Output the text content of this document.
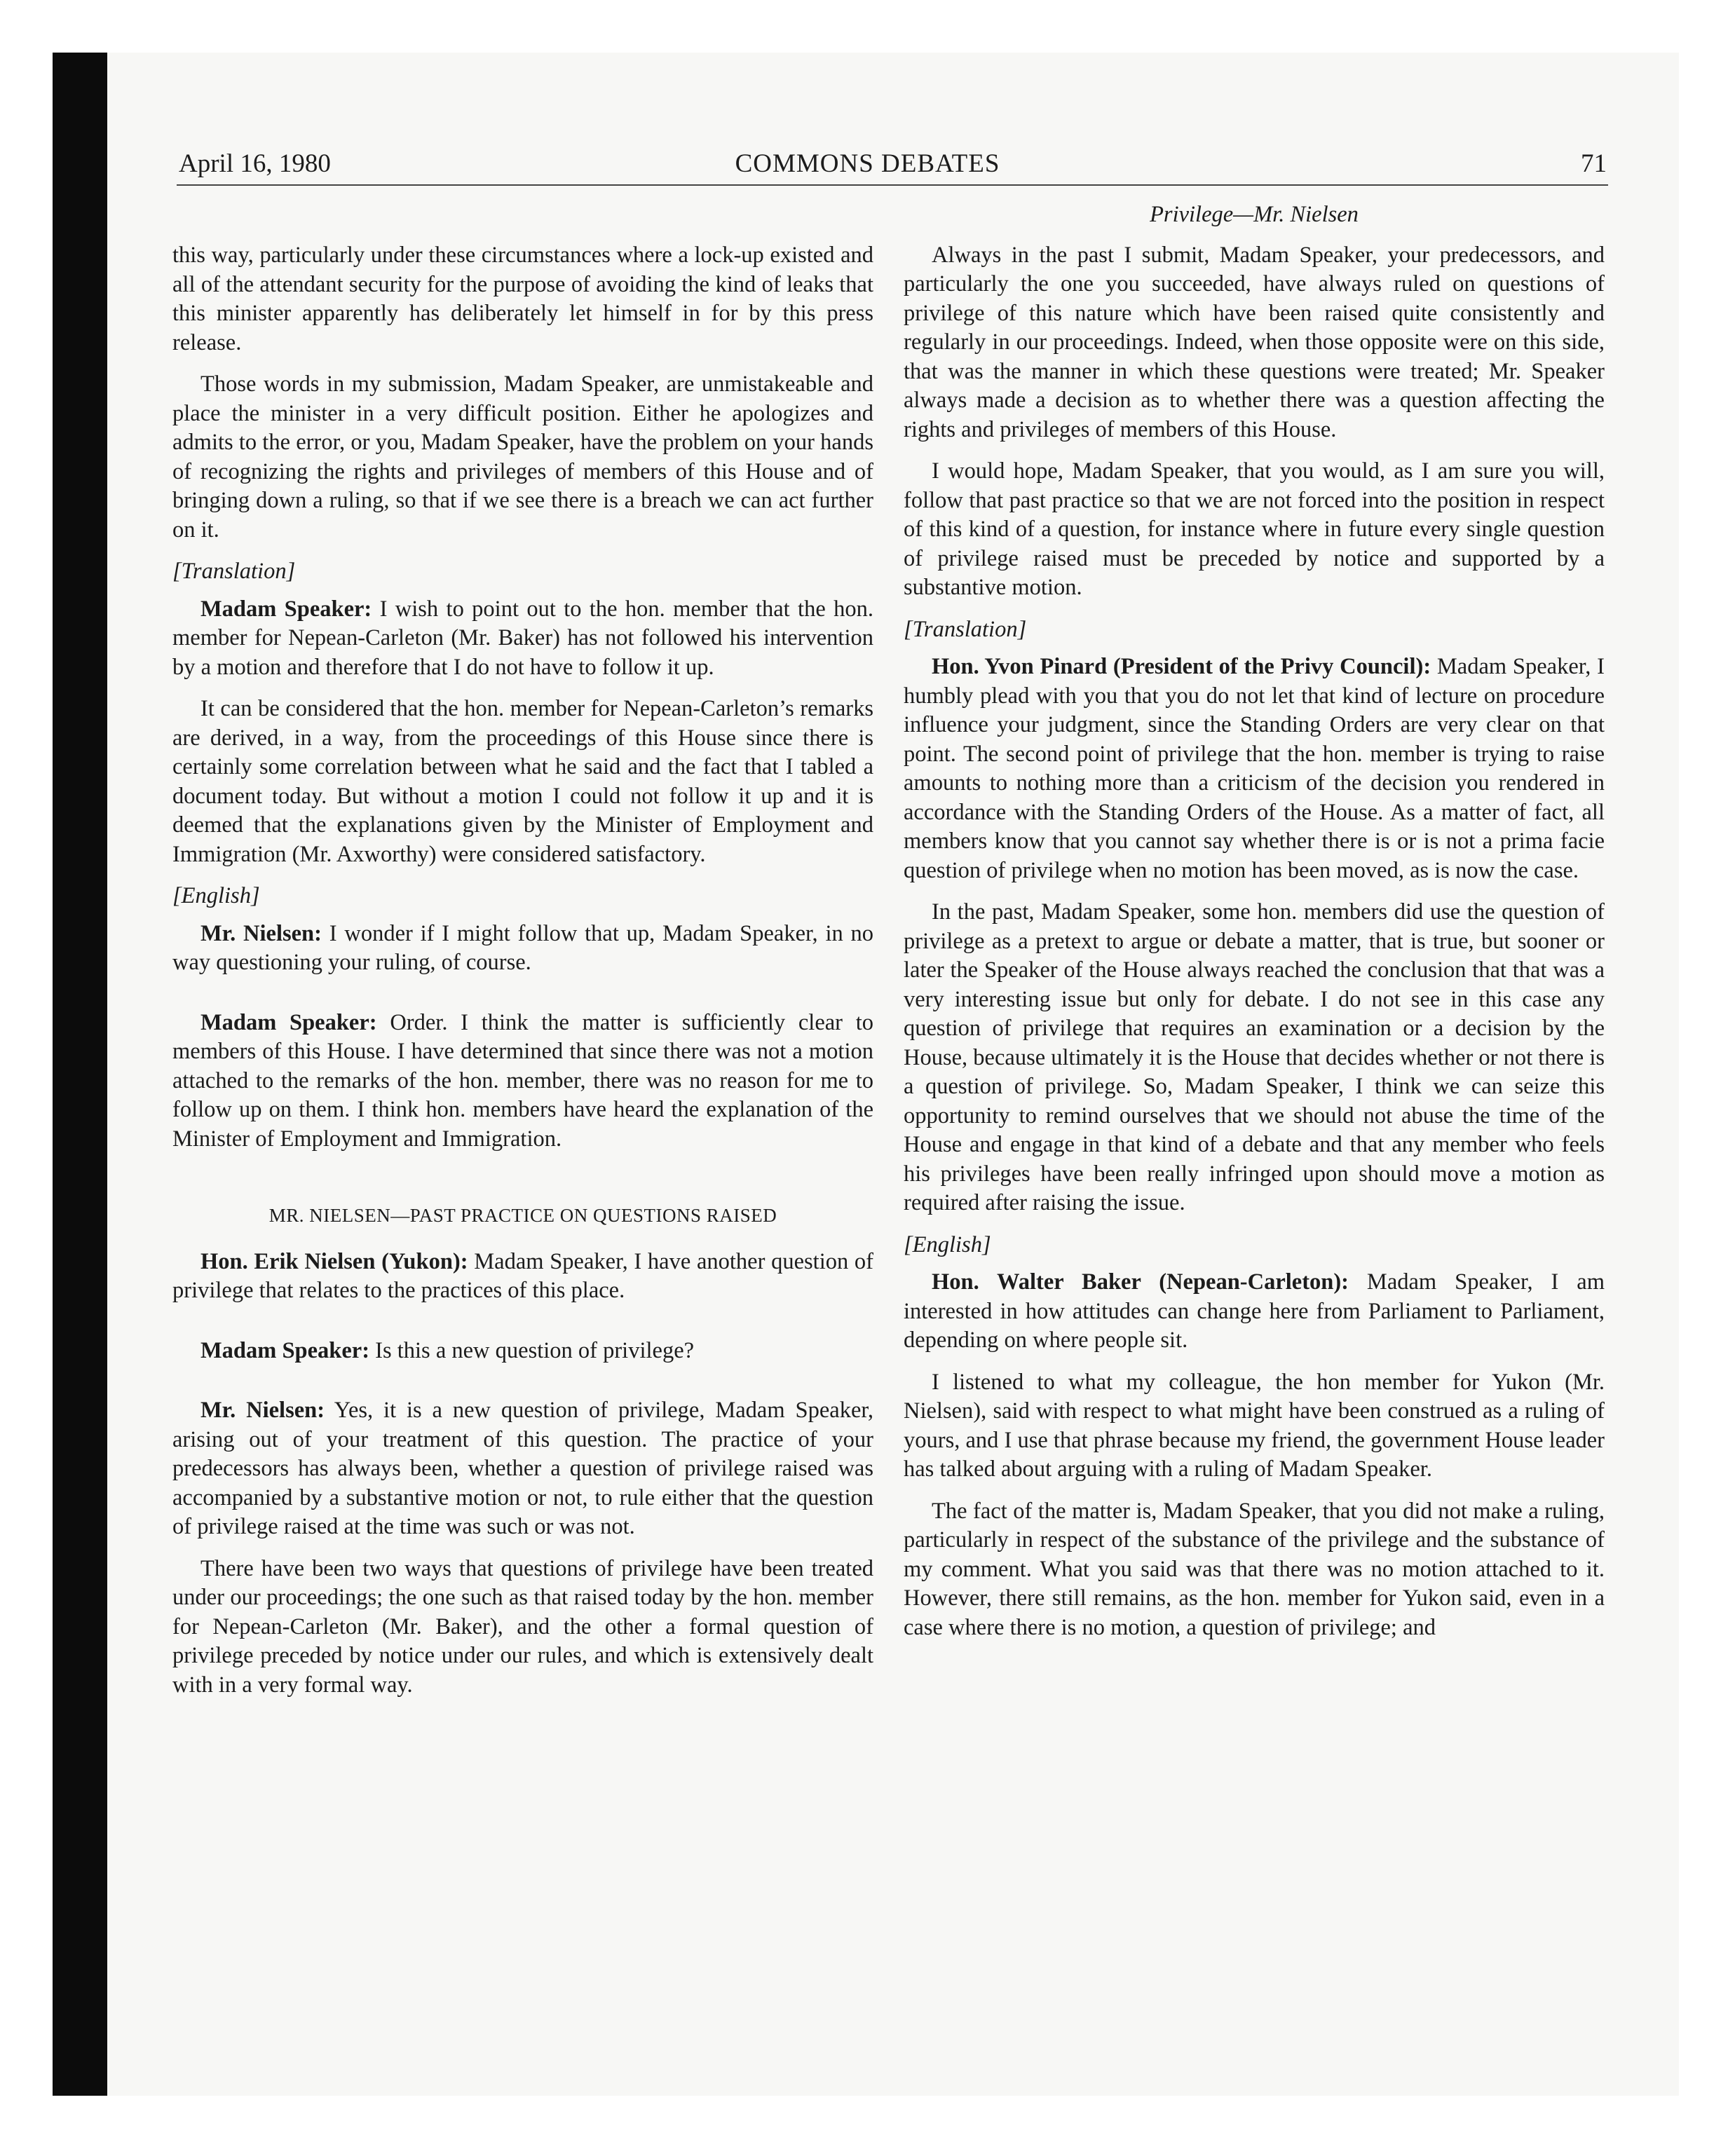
April 16, 1980	COMMONS DEBATES	71

this way, particularly under these circumstances where a lock-up existed and all of the attendant security for the purpose of avoiding the kind of leaks that this minister apparently has deliberately let himself in for by this press release.

Those words in my submission, Madam Speaker, are unmistakeable and place the minister in a very difficult position. Either he apologizes and admits to the error, or you, Madam Speaker, have the problem on your hands of recognizing the rights and privileges of members of this House and of bringing down a ruling, so that if we see there is a breach we can act further on it.

[Translation]

Madam Speaker: I wish to point out to the hon. member that the hon. member for Nepean-Carleton (Mr. Baker) has not followed his intervention by a motion and therefore that I do not have to follow it up.

It can be considered that the hon. member for Nepean-Carleton’s remarks are derived, in a way, from the proceedings of this House since there is certainly some correlation between what he said and the fact that I tabled a document today. But without a motion I could not follow it up and it is deemed that the explanations given by the Minister of Employment and Immigration (Mr. Axworthy) were considered satisfactory.

[English]

Mr. Nielsen: I wonder if I might follow that up, Madam Speaker, in no way questioning your ruling, of course.

Madam Speaker: Order. I think the matter is sufficiently clear to members of this House. I have determined that since there was not a motion attached to the remarks of the hon. member, there was no reason for me to follow up on them. I think hon. members have heard the explanation of the Minister of Employment and Immigration.

MR. NIELSEN—PAST PRACTICE ON QUESTIONS RAISED

Hon. Erik Nielsen (Yukon): Madam Speaker, I have another question of privilege that relates to the practices of this place.

Madam Speaker: Is this a new question of privilege?

Mr. Nielsen: Yes, it is a new question of privilege, Madam Speaker, arising out of your treatment of this question. The practice of your predecessors has always been, whether a question of privilege raised was accompanied by a substantive motion or not, to rule either that the question of privilege raised at the time was such or was not.

There have been two ways that questions of privilege have been treated under our proceedings; the one such as that raised today by the hon. member for Nepean-Carleton (Mr. Baker), and the other a formal question of privilege preceded by notice under our rules, and which is extensively dealt with in a very formal way.

Privilege—Mr. Nielsen

Always in the past I submit, Madam Speaker, your predecessors, and particularly the one you succeeded, have always ruled on questions of privilege of this nature which have been raised quite consistently and regularly in our proceedings. Indeed, when those opposite were on this side, that was the manner in which these questions were treated; Mr. Speaker always made a decision as to whether there was a question affecting the rights and privileges of members of this House.

I would hope, Madam Speaker, that you would, as I am sure you will, follow that past practice so that we are not forced into the position in respect of this kind of a question, for instance where in future every single question of privilege raised must be preceded by notice and supported by a substantive motion.

[Translation]

Hon. Yvon Pinard (President of the Privy Council): Madam Speaker, I humbly plead with you that you do not let that kind of lecture on procedure influence your judgment, since the Standing Orders are very clear on that point. The second point of privilege that the hon. member is trying to raise amounts to nothing more than a criticism of the decision you rendered in accordance with the Standing Orders of the House. As a matter of fact, all members know that you cannot say whether there is or is not a prima facie question of privilege when no motion has been moved, as is now the case.

In the past, Madam Speaker, some hon. members did use the question of privilege as a pretext to argue or debate a matter, that is true, but sooner or later the Speaker of the House always reached the conclusion that that was a very interesting issue but only for debate. I do not see in this case any question of privilege that requires an examination or a decision by the House, because ultimately it is the House that decides whether or not there is a question of privilege. So, Madam Speaker, I think we can seize this opportunity to remind ourselves that we should not abuse the time of the House and engage in that kind of a debate and that any member who feels his privileges have been really infringed upon should move a motion as required after raising the issue.

[English]

Hon. Walter Baker (Nepean-Carleton): Madam Speaker, I am interested in how attitudes can change here from Parliament to Parliament, depending on where people sit.

I listened to what my colleague, the hon member for Yukon (Mr. Nielsen), said with respect to what might have been construed as a ruling of yours, and I use that phrase because my friend, the government House leader has talked about arguing with a ruling of Madam Speaker.

The fact of the matter is, Madam Speaker, that you did not make a ruling, particularly in respect of the substance of the privilege and the substance of my comment. What you said was that there was no motion attached to it. However, there still remains, as the hon. member for Yukon said, even in a case where there is no motion, a question of privilege; and
